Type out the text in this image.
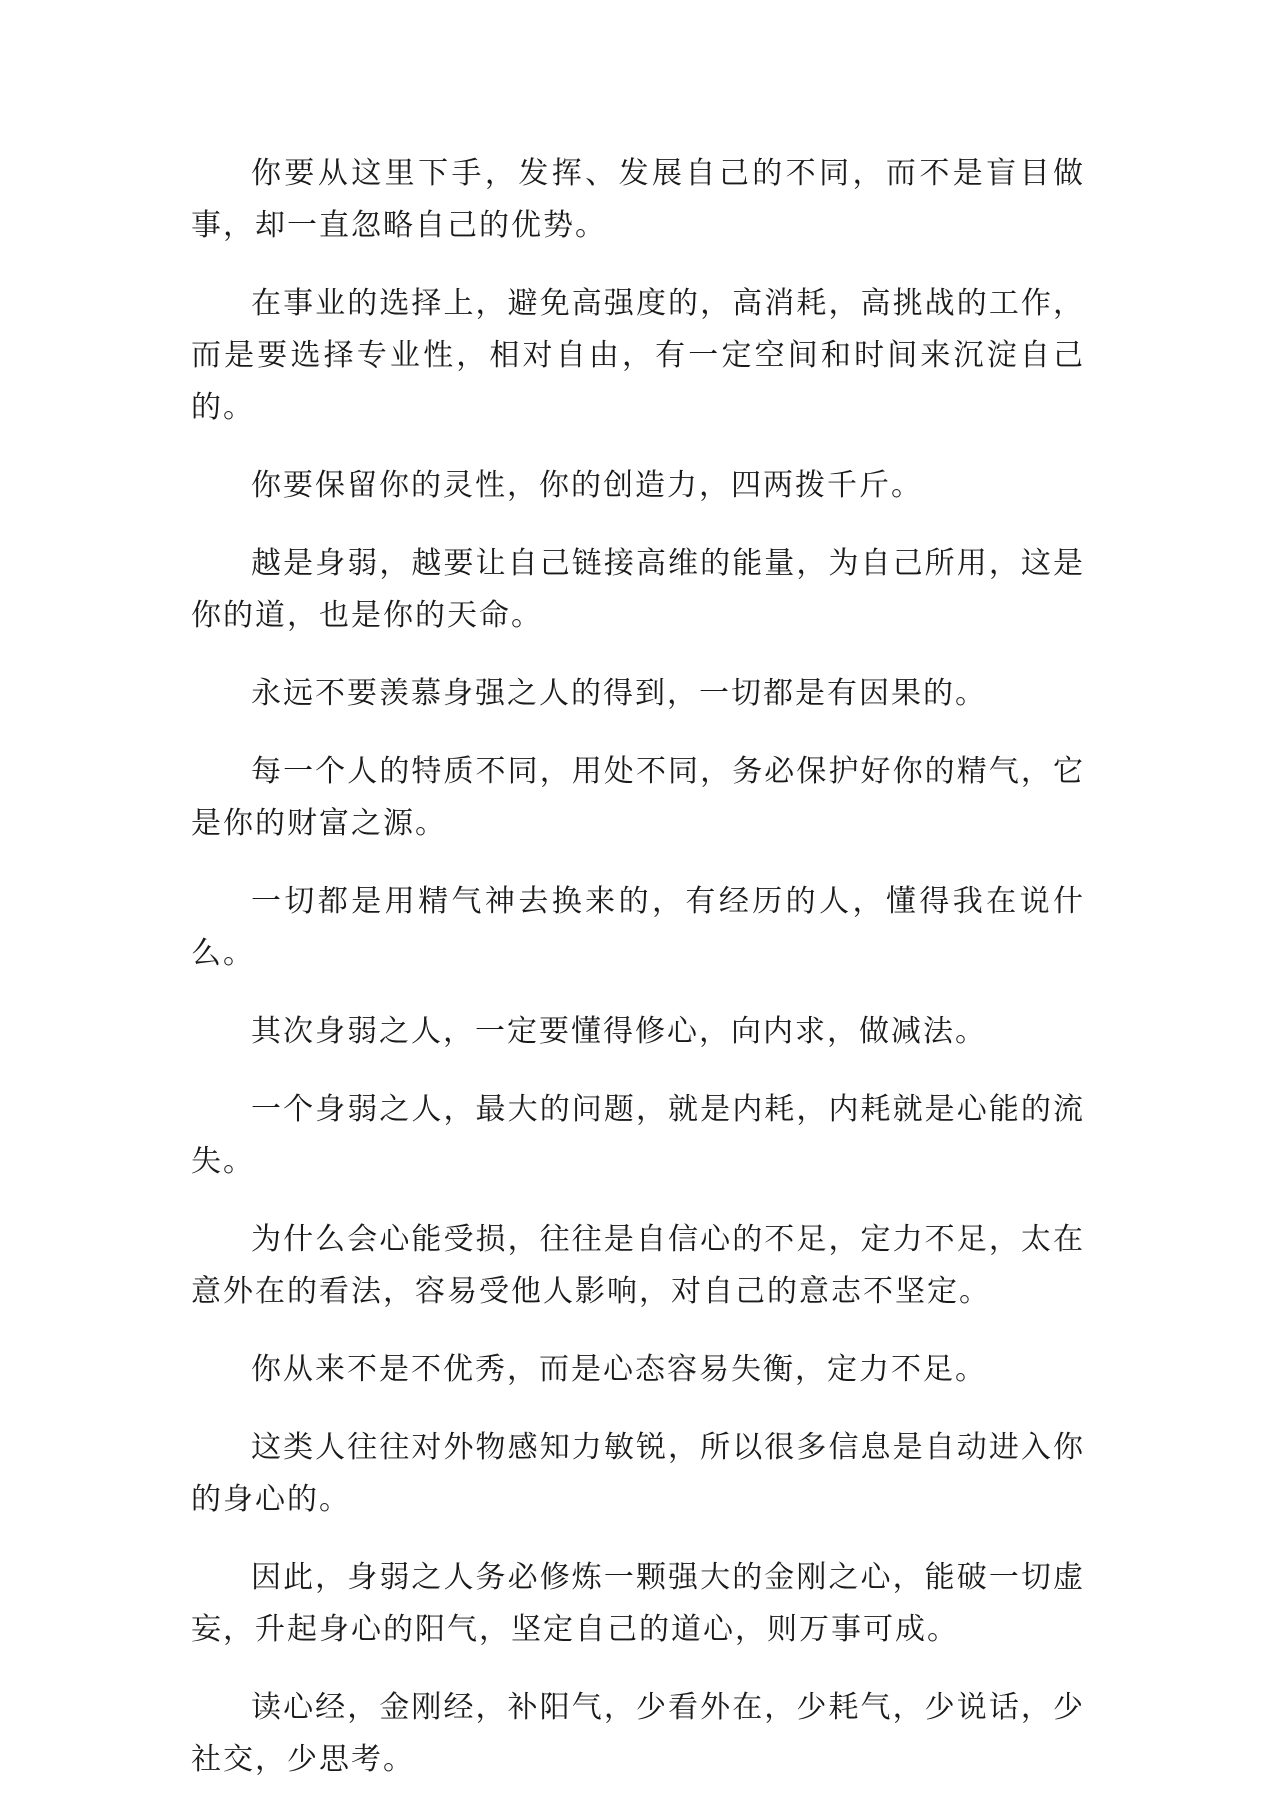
你要从这里下手，发挥、发展自己的不同，而不是盲目做事，却一直忽略自己的优势。

在事业的选择上，避免高强度的，高消耗，高挑战的工作，而是要选择专业性，相对自由，有一定空间和时间来沉淀自己的。

你要保留你的灵性，你的创造力，四两拨千斤。

越是身弱，越要让自己链接高维的能量，为自己所用，这是你的道，也是你的天命。

永远不要羡慕身强之人的得到，一切都是有因果的。

每一个人的特质不同，用处不同，务必保护好你的精气，它是你的财富之源。

一切都是用精气神去换来的，有经历的人，懂得我在说什么。

其次身弱之人，一定要懂得修心，向内求，做减法。

一个身弱之人，最大的问题，就是内耗，内耗就是心能的流失。

为什么会心能受损，往往是自信心的不足，定力不足，太在意外在的看法，容易受他人影响，对自己的意志不坚定。

你从来不是不优秀，而是心态容易失衡，定力不足。

这类人往往对外物感知力敏锐，所以很多信息是自动进入你的身心的。

因此，身弱之人务必修炼一颗强大的金刚之心，能破一切虚妄，升起身心的阳气，坚定自己的道心，则万事可成。

读心经，金刚经，补阳气，少看外在，少耗气，少说话，少社交，少思考。
